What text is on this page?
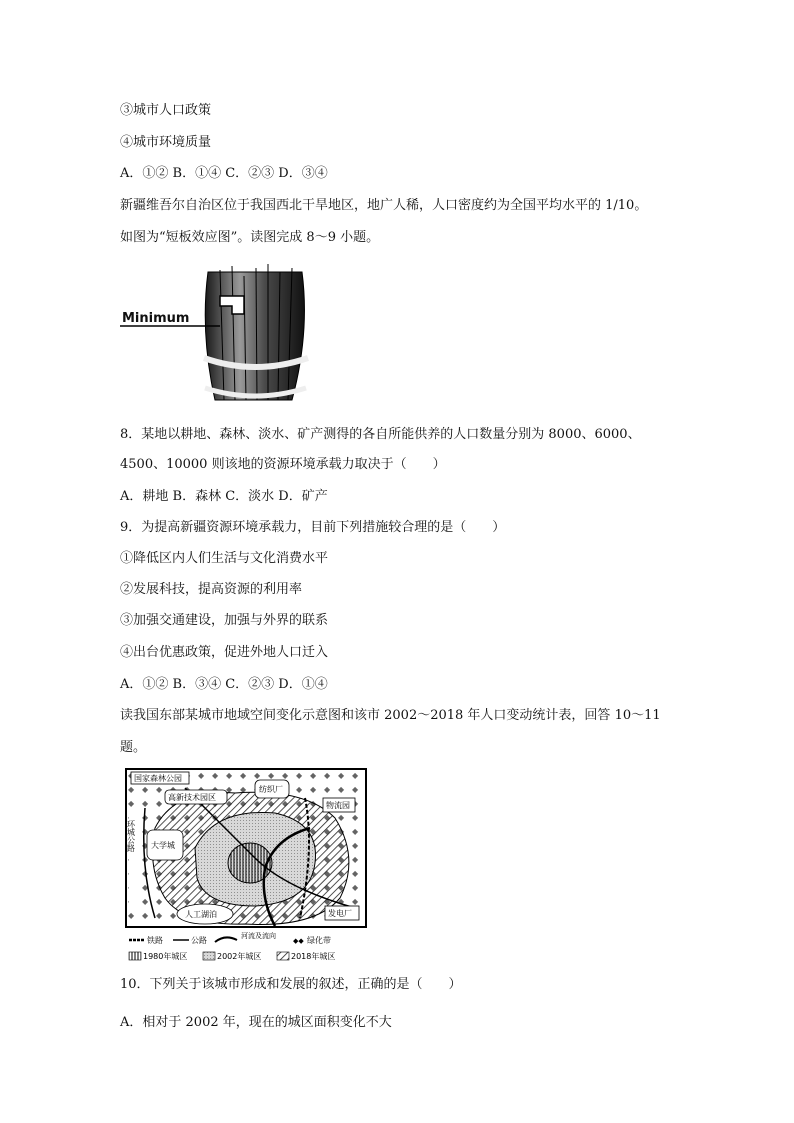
③城市人口政策
④城市环境质量
A．①② B．①④ C．②③ D．③④
新疆维吾尔自治区位于我国西北干旱地区，地广人稀，人口密度约为全国平均水平的 1/10。
如图为“短板效应图”。读图完成 8～9 小题。
Minimum
8．某地以耕地、森林、淡水、矿产测得的各自所能供养的人口数量分别为 8000、6000、
4500、10000 则该地的资源环境承载力取决于（　　）
A．耕地 B．森林 C．淡水 D．矿产
9．为提高新疆资源环境承载力，目前下列措施较合理的是（　　）
①降低区内人们生活与文化消费水平
②发展科技，提高资源的利用率
③加强交通建设，加强与外界的联系
④出台优惠政策，促进外地人口迁入
A．①② B．③④ C．②③ D．①④
读我国东部某城市地域空间变化示意图和该市 2002～2018 年人口变动统计表，回答 10～11
题。
国家森林公园
高新技术园区
纺织厂
物流园
大学城
环城公路
人工湖泊	发电厂
铁路	公路	河流及流向
◆◆ 绿化带
1980年城区	2002年城区	2018年城区
10．下列关于该城市形成和发展的叙述，正确的是（　　）
A．相对于 2002 年，现在的城区面积变化不大
